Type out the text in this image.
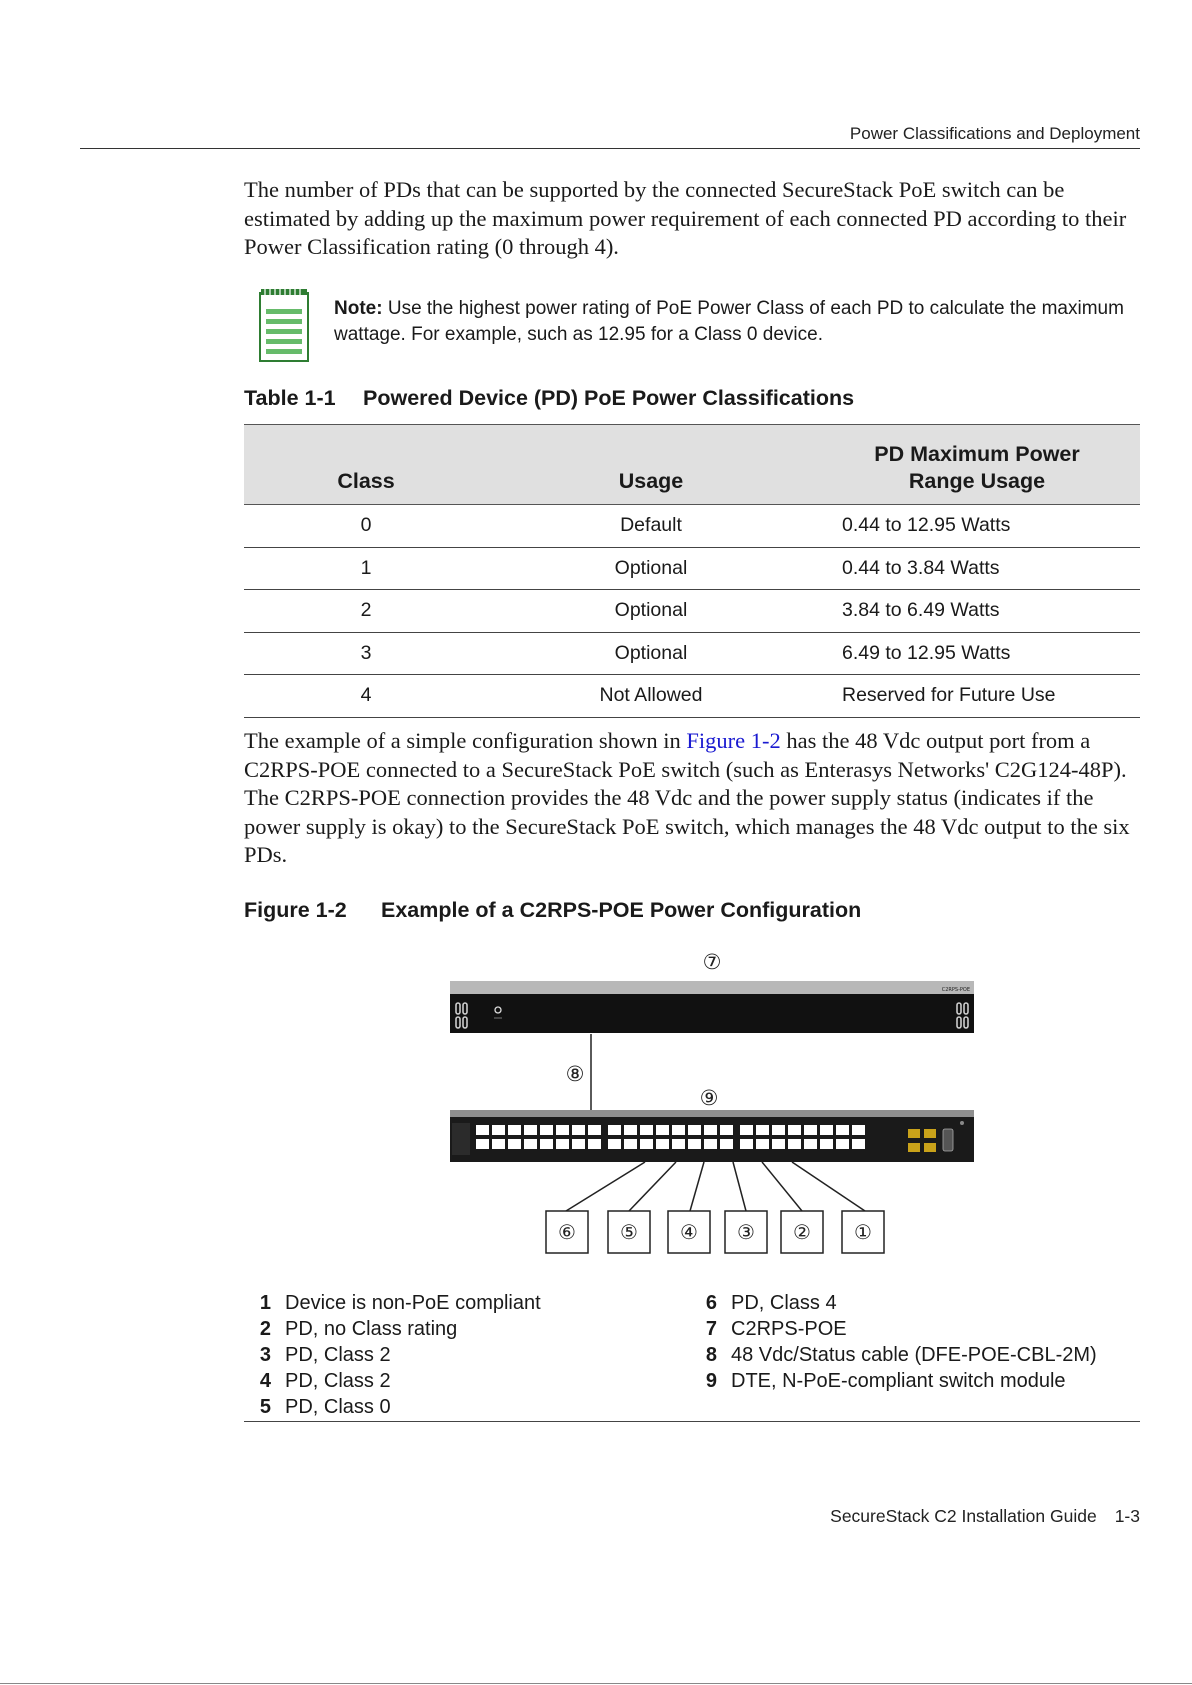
Power Classifications and Deployment

The number of PDs that can be supported by the connected SecureStack PoE switch can be estimated by adding up the maximum power requirement of each connected PD according to their Power Classification rating (0 through 4).

Note: Use the highest power rating of PoE Power Class of each PD to calculate the maximum wattage. For example, such as 12.95 for a Class 0 device.
Table 1-1 Powered Device (PD) PoE Power Classifications
Class	Usage	PD Maximum Power
Range Usage
0	Default	0.44 to 12.95 Watts
1	Optional	0.44 to 3.84 Watts
2	Optional	3.84 to 6.49 Watts
3	Optional	6.49 to 12.95 Watts
4	Not Allowed	Reserved for Future Use

The example of a simple configuration shown in Figure 1-2 has the 48 Vdc output port from a C2RPS-POE connected to a SecureStack PoE switch (such as Enterasys Networks' C2G124-48P). The C2RPS-POE connection provides the 48 Vdc and the power supply status (indicates if the power supply is okay) to the SecureStack PoE switch, which manages the 48 Vdc output to the six PDs.

Figure 1-2 Example of a C2RPS-POE Power Configuration
⑦
C2RPS-POE
⑧
⑨
⑥ ⑤ ④ ③ ② ①
1 Device is non-PoE compliant
2 PD, no Class rating
3 PD, Class 2
4 PD, Class 2
5 PD, Class 0
6 PD, Class 4
7 C2RPS-POE
8 48 Vdc/Status cable (DFE-POE-CBL-2M)
9 DTE, N-PoE-compliant switch module
SecureStack C2 Installation Guide 1-3
